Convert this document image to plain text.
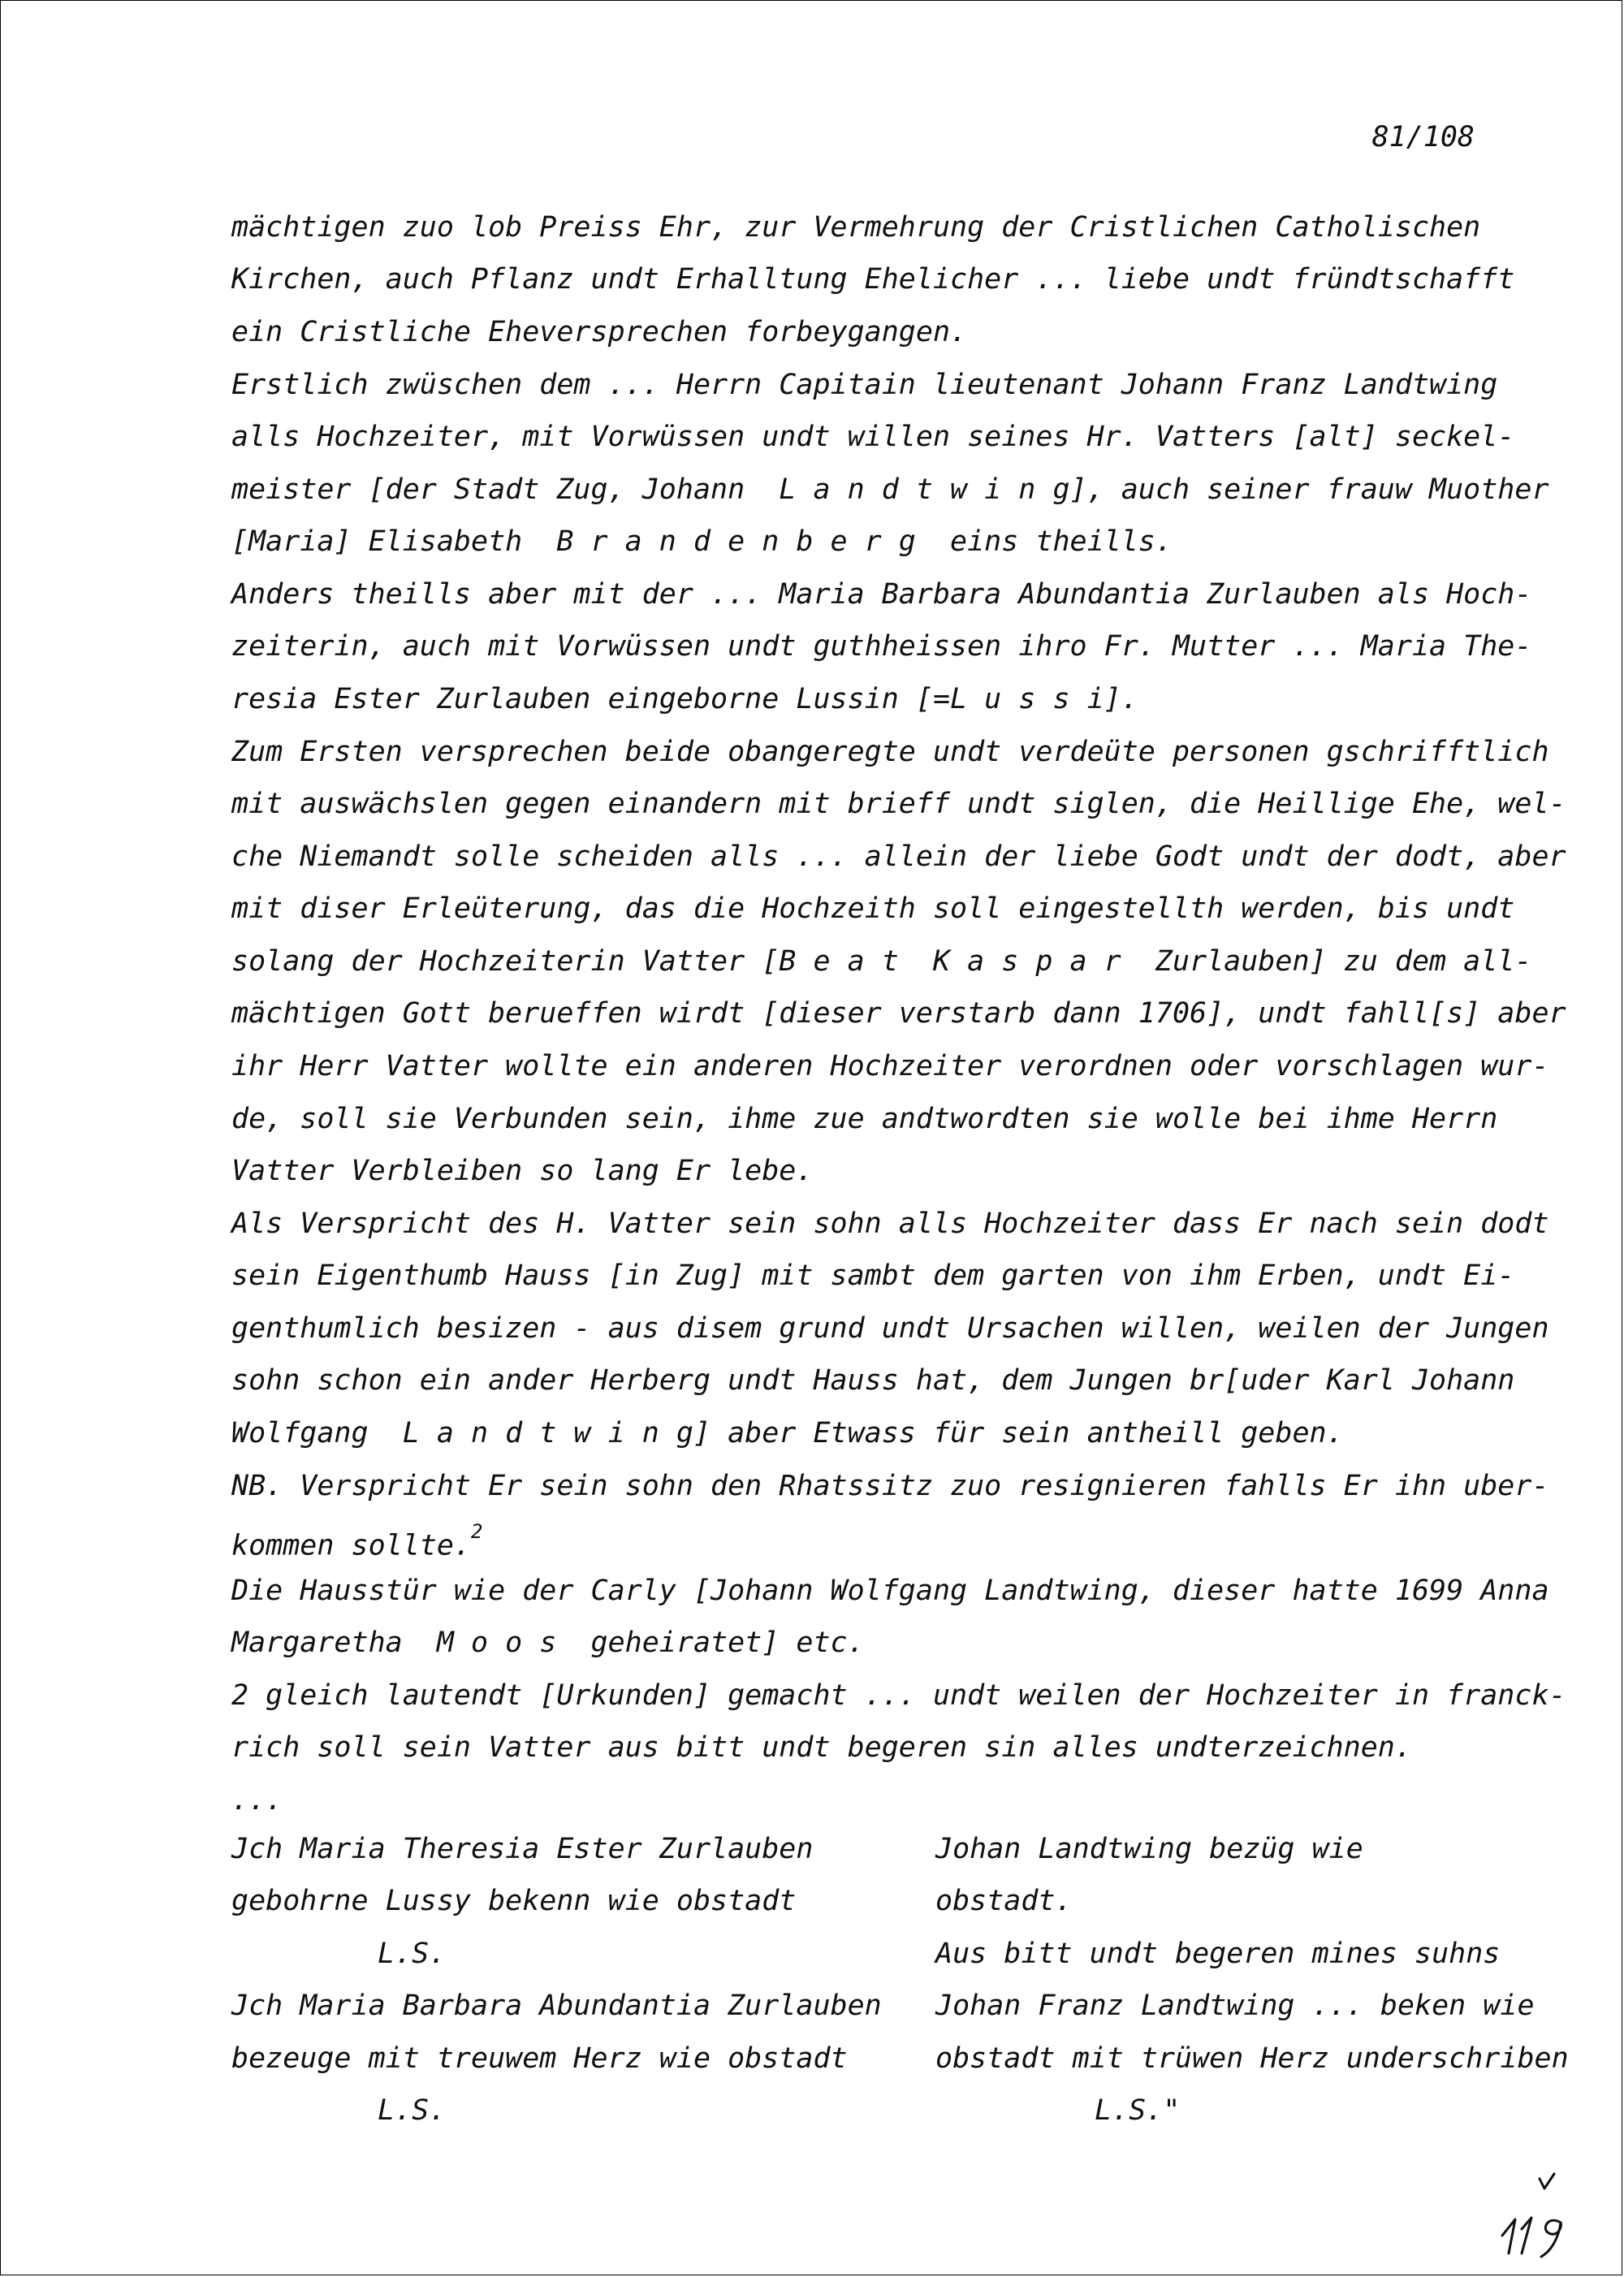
81/108
mächtigen zuo lob Preiss Ehr, zur Vermehrung der Cristlichen Catholischen
Kirchen, auch Pflanz undt Erhalltung Ehelicher ... liebe undt fründtschafft
ein Cristliche Eheversprechen forbeygangen.
Erstlich zwüschen dem ... Herrn Capitain lieutenant Johann Franz Landtwing
alls Hochzeiter, mit Vorwüssen undt willen seines Hr. Vatters [alt] seckel-
meister [der Stadt Zug, Johann  L a n d t w i n g], auch seiner frauw Muother
[Maria] Elisabeth  B r a n d e n b e r g  eins theills.
Anders theills aber mit der ... Maria Barbara Abundantia Zurlauben als Hoch-
zeiterin, auch mit Vorwüssen undt guthheissen ihro Fr. Mutter ... Maria The-
resia Ester Zurlauben eingeborne Lussin [=L u s s i].
Zum Ersten versprechen beide obangeregte undt verdeüte personen gschrifftlich
mit auswächslen gegen einandern mit brieff undt siglen, die Heillige Ehe, wel-
che Niemandt solle scheiden alls ... allein der liebe Godt undt der dodt, aber
mit diser Erleüterung, das die Hochzeith soll eingestellth werden, bis undt
solang der Hochzeiterin Vatter [B e a t  K a s p a r  Zurlauben] zu dem all-
mächtigen Gott berueffen wirdt [dieser verstarb dann 1706], undt fahll[s] aber
ihr Herr Vatter wollte ein anderen Hochzeiter verordnen oder vorschlagen wur-
de, soll sie Verbunden sein, ihme zue andtwordten sie wolle bei ihme Herrn
Vatter Verbleiben so lang Er lebe.
Als Verspricht des H. Vatter sein sohn alls Hochzeiter dass Er nach sein dodt
sein Eigenthumb Hauss [in Zug] mit sambt dem garten von ihm Erben, undt Ei-
genthumlich besizen - aus disem grund undt Ursachen willen, weilen der Jungen
sohn schon ein ander Herberg undt Hauss hat, dem Jungen br[uder Karl Johann
Wolfgang  L a n d t w i n g] aber Etwass für sein antheill geben.
NB. Verspricht Er sein sohn den Rhatssitz zuo resignieren fahlls Er ihn uber-
kommen sollte.$^2$
Die Hausstür wie der Carly [Johann Wolfgang Landtwing, dieser hatte 1699 Anna
Margaretha  M o o s  geheiratet] etc.
2 gleich lautendt [Urkunden] gemacht ... undt weilen der Hochzeiter in franck-
rich soll sein Vatter aus bitt undt begeren sin alles undterzeichnen.
...
Jch Maria Theresia Ester Zurlauben
gebohrne Lussy bekenn wie obstadt
L.S.
Jch Maria Barbara Abundantia Zurlauben
bezeuge mit treuwem Herz wie obstadt
L.S.
Johan Landtwing bezüg wie
obstadt.
Aus bitt undt begeren mines suhns
Johan Franz Landtwing ... beken wie
obstadt mit trüwen Herz underschriben
L.S."
